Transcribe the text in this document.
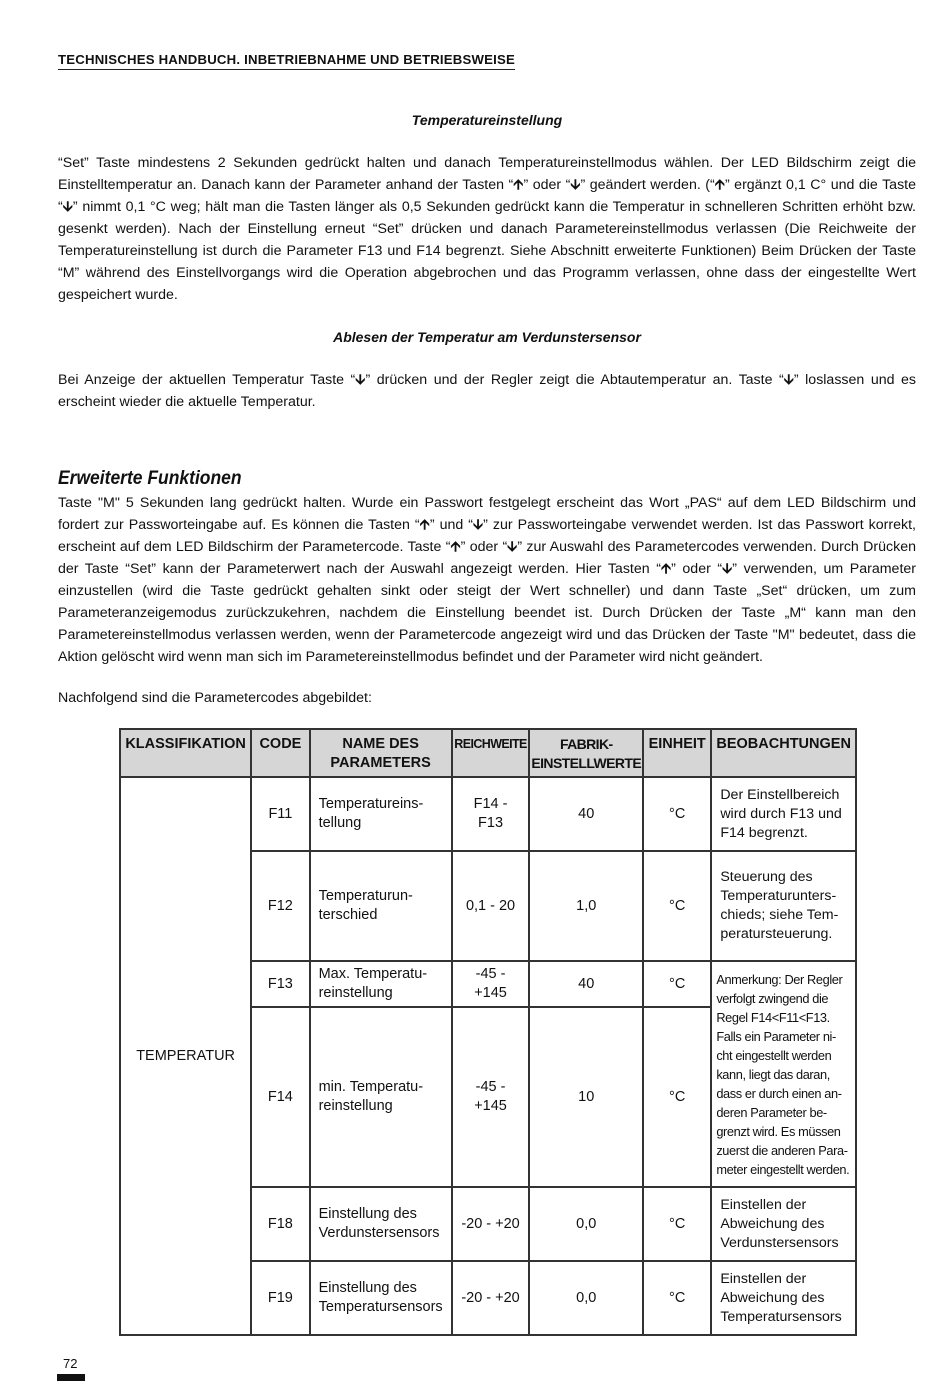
TECHNISCHES HANDBUCH. INBETRIEBNAHME UND BETRIEBSWEISE
Temperatureinstellung
“Set” Taste mindestens 2 Sekunden gedrückt halten und danach Temperatureinstellmodus wählen. Der LED Bildschirm zeigt die Einstelltemperatur an. Danach kann der Parameter anhand der Tasten “🡩” oder “🡫” geändert werden. (“🡩” ergänzt 0,1 C° und die Taste “🡫” nimmt 0,1 °C weg; hält man die Tasten länger als 0,5 Sekunden gedrückt kann die Temperatur in schnelleren Schritten erhöht bzw. gesenkt werden). Nach der Einstellung erneut “Set” drücken und danach Parametereinstellmodus verlassen (Die Reichweite der Temperatureinstellung ist durch die Parameter F13 und F14 begrenzt. Siehe Abschnitt erweiterte Funktionen) Beim Drücken der Taste “M” während des Einstellvorgangs wird die Operation abgebrochen und das Programm verlassen, ohne dass der eingestellte Wert gespeichert wurde.
Ablesen der Temperatur am Verdunstersensor
Bei Anzeige der aktuellen Temperatur Taste “🡫” drücken und der Regler zeigt die Abtautemperatur an. Taste “🡫” loslassen und es erscheint wieder die aktuelle Temperatur.
Erweiterte Funktionen
Taste "M" 5 Sekunden lang gedrückt halten. Wurde ein Passwort festgelegt erscheint das Wort „PAS“ auf dem LED Bildschirm und fordert zur Passworteingabe auf. Es können die Tasten “🡩” und “🡫” zur Passworteingabe verwendet werden. Ist das Passwort korrekt, erscheint auf dem LED Bildschirm der Parametercode. Taste “🡩” oder “🡫” zur Auswahl des Parametercodes verwenden. Durch Drücken der Taste “Set” kann der Parameterwert nach der Auswahl angezeigt werden. Hier Tasten “🡩” oder “🡫” verwenden, um Parameter einzustellen (wird die Taste gedrückt gehalten sinkt oder steigt der Wert schneller) und dann Taste „Set“ drücken, um zum Parameteranzeigemodus zurückzukehren, nachdem die Einstellung beendet ist. Durch Drücken der Taste „M“ kann man den Parametereinstellmodus verlassen werden, wenn der Parametercode angezeigt wird und das Drücken der Taste "M" bedeutet, dass die Aktion gelöscht wird wenn man sich im Parametereinstellmodus befindet und der Parameter wird nicht geändert.
Nachfolgend sind die Parametercodes abgebildet:
KLASSIFIKATION	CODE	NAME DES PARAMETERS	REICHWEITE	FABRIK-EINSTELLWERTE	EINHEIT	BEOBACHTUNGEN
TEMPERATUR	F11	Temperatureins-tellung	F14 - F13	40	°C	Der Einstellbereich wird durch F13 und F14 begrenzt.
	F12	Temperaturun-terschied	0,1 - 20	1,0	°C	Steuerung des Temperaturunters-chieds; siehe Tem-peratursteuerung.
	F13	Max. Temperatu-reinstellung	-45 - +145	40	°C	Anmerkung: Der Regler verfolgt zwingend die Regel F14<F11<F13. Falls ein Parameter ni-cht eingestellt werden kann, liegt das daran, dass er durch einen an-deren Parameter be-grenzt wird. Es müssen zuerst die anderen Para-meter eingestellt werden.
	F14	min. Temperatu-reinstellung	-45 - +145	10	°C	
	F18	Einstellung des Verdunstersensors	-20 - +20	0,0	°C	Einstellen der Abweichung des Verdunstersensors
	F19	Einstellung des Temperatursensors	-20 - +20	0,0	°C	Einstellen der Abweichung des Temperatursensors
72
